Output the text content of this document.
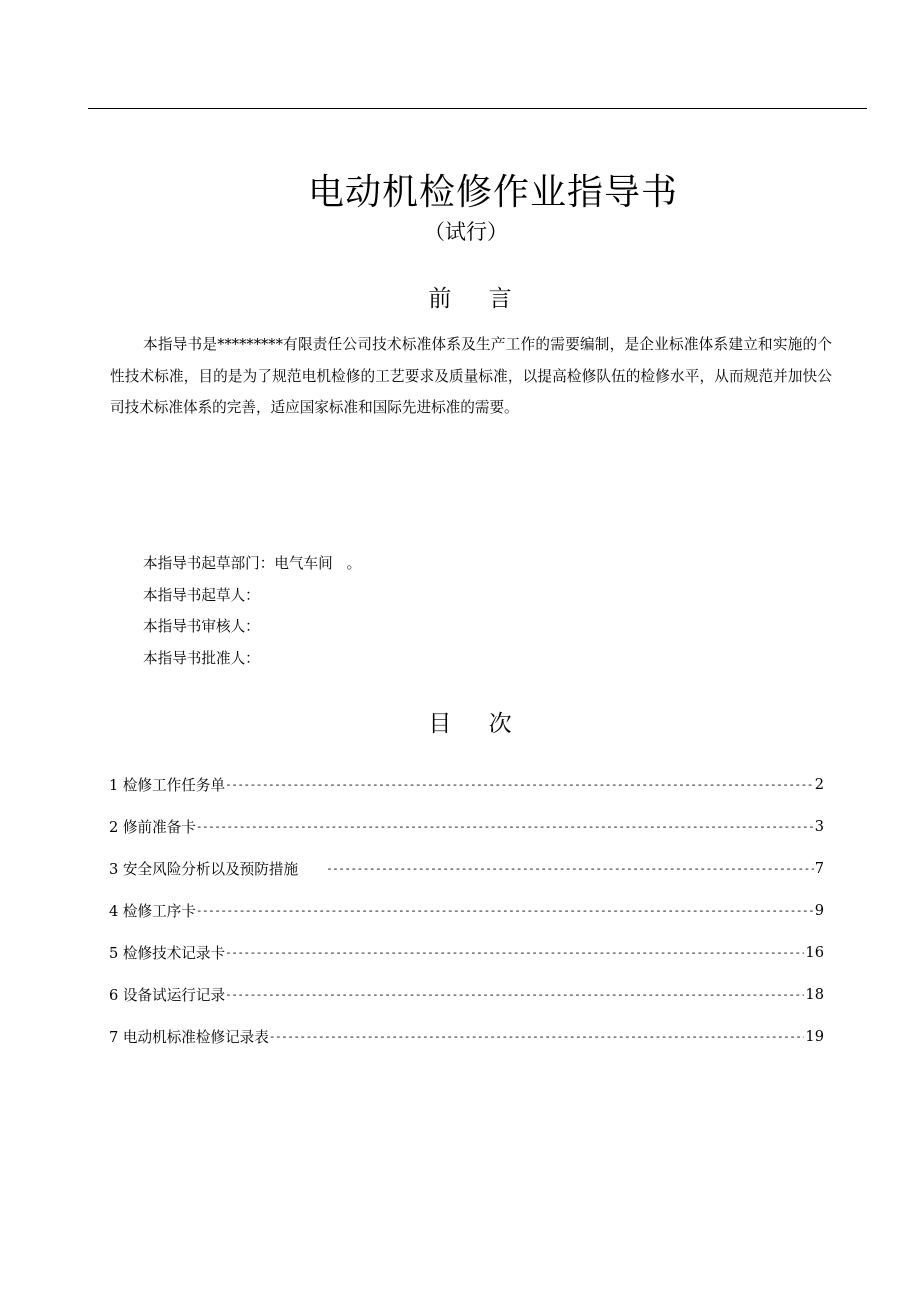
电动机检修作业指导书
（试行）
前 言

本指导书是*********有限责任公司技术标准体系及生产工作的需要编制，是企业标准体系建立和实施的个性技术标准，目的是为了规范电机检修的工艺要求及质量标准，以提高检修队伍的检修水平，从而规范并加快公司技术标准体系的完善，适应国家标准和国际先进标准的需要。

本指导书起草部门：电气车间   。
本指导书起草人：
本指导书审核人：
本指导书批准人：
目 次
1 检修工作任务单 -----	2
2 修前准备卡 -----	3
3 安全风险分析以及预防措施 -----	7
4 检修工序卡 -----	9
5 检修技术记录卡 -----	16
6 设备试运行记录 -----	18
7 电动机标准检修记录表 -----	19
